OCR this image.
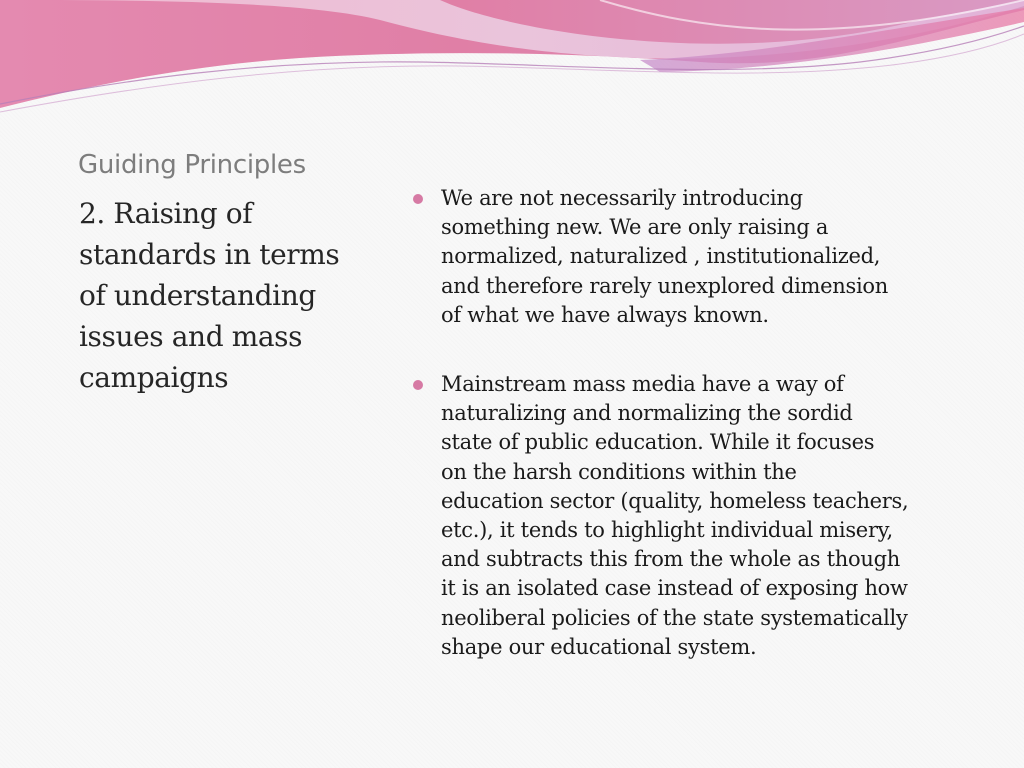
Guiding Principles

2. Raising of
standards in terms
of understanding
issues and mass
campaigns

We are not necessarily introducing
something new. We are only raising a
normalized, naturalized , institutionalized,
and therefore rarely unexplored dimension
of what we have always known.
Mainstream mass media have a way of
naturalizing and normalizing the sordid
state of public education. While it focuses
on the harsh conditions within the
education sector (quality, homeless teachers,
etc.), it tends to highlight individual misery,
and subtracts this from the whole as though
it is an isolated case instead of exposing how
neoliberal policies of the state systematically
shape our educational system.
